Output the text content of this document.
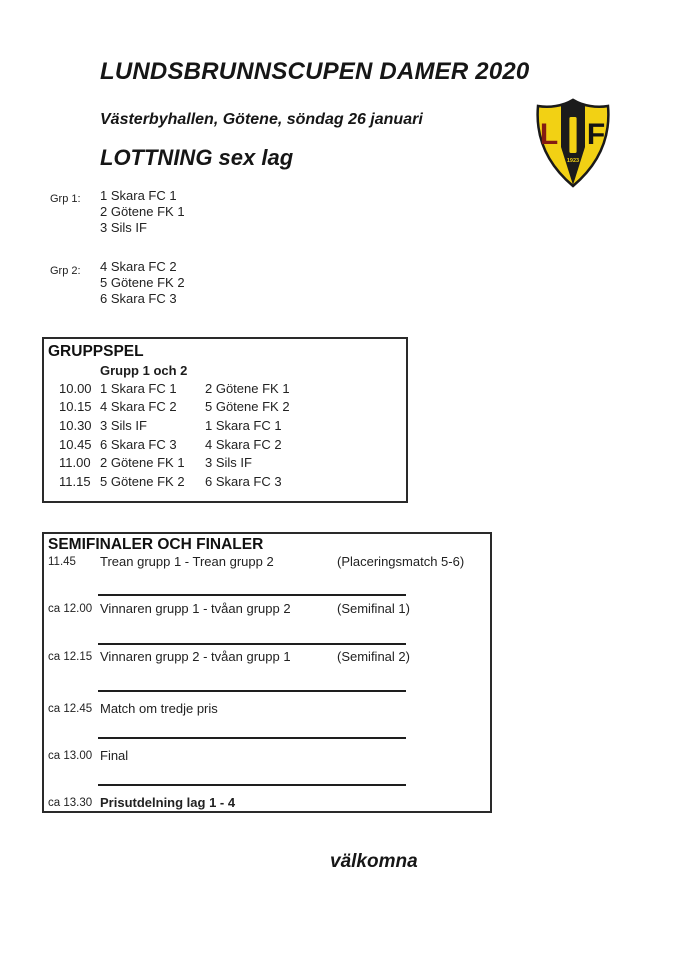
LUNDSBRUNNSCUPEN DAMER 2020
Västerbyhallen, Götene, söndag 26 januari
LOTTNING sex lag
L F
1923
Grp 1: 1 Skara FC 1
2 Götene FK 1
3 Sils IF
Grp 2: 4 Skara FC 2
5 Götene FK 2
6 Skara FC 3
GRUPPSPEL
Grupp 1 och 2
10.00 1 Skara FC 1	2 Götene FK 1
10.15 4 Skara FC 2	5 Götene FK 2
10.30 3 Sils IF	1 Skara FC 1
10.45 6 Skara FC 3	4 Skara FC 2
11.00 2 Götene FK 1	3 Sils IF
11.15 5 Götene FK 2	6 Skara FC 3
SEMIFINALER OCH FINALER
11.45 Trean grupp 1 - Trean grupp 2	(Placeringsmatch 5-6)
ca 12.00 Vinnaren grupp 1 - tvåan grupp 2	(Semifinal 1)
ca 12.15 Vinnaren grupp 2 - tvåan grupp 1	(Semifinal 2)
ca 12.45 Match om tredje pris
ca 13.00 Final
ca 13.30 Prisutdelning lag 1 - 4
välkomna
